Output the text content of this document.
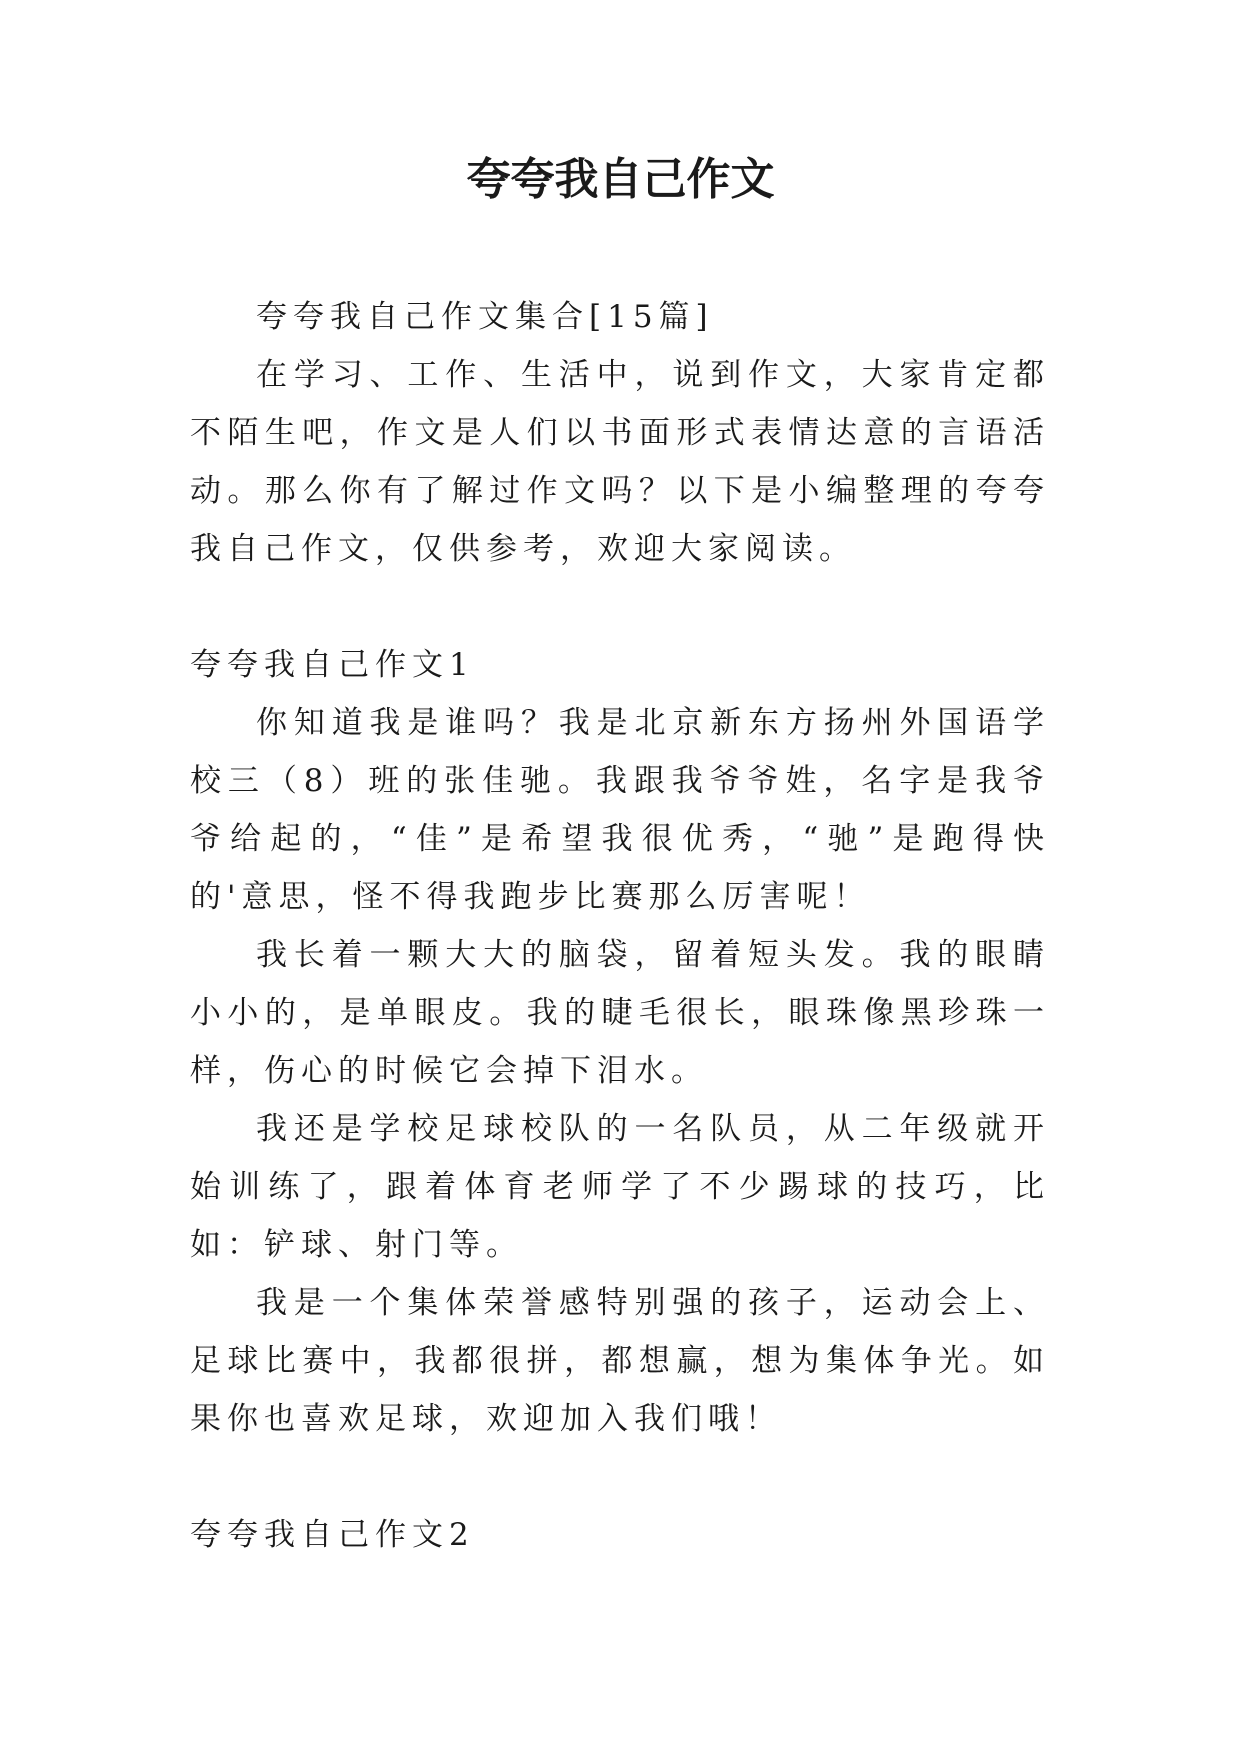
夸夸我自己作文

夸夸我自己作文集合[15篇]

在学习、工作、生活中，说到作文，大家肯定都不陌生吧，作文是人们以书面形式表情达意的言语活动。那么你有了解过作文吗？以下是小编整理的夸夸我自己作文，仅供参考，欢迎大家阅读。

夸夸我自己作文1

你知道我是谁吗？我是北京新东方扬州外国语学校三（8）班的张佳驰。我跟我爷爷姓，名字是我爷爷给起的，“佳”是希望我很优秀，“驰”是跑得快的'意思，怪不得我跑步比赛那么厉害呢！

我长着一颗大大的脑袋，留着短头发。我的眼睛小小的，是单眼皮。我的睫毛很长，眼珠像黑珍珠一样，伤心的时候它会掉下泪水。

我还是学校足球校队的一名队员，从二年级就开始训练了，跟着体育老师学了不少踢球的技巧，比如：铲球、射门等。

我是一个集体荣誉感特别强的孩子，运动会上、足球比赛中，我都很拼，都想赢，想为集体争光。如果你也喜欢足球，欢迎加入我们哦！

夸夸我自己作文2
